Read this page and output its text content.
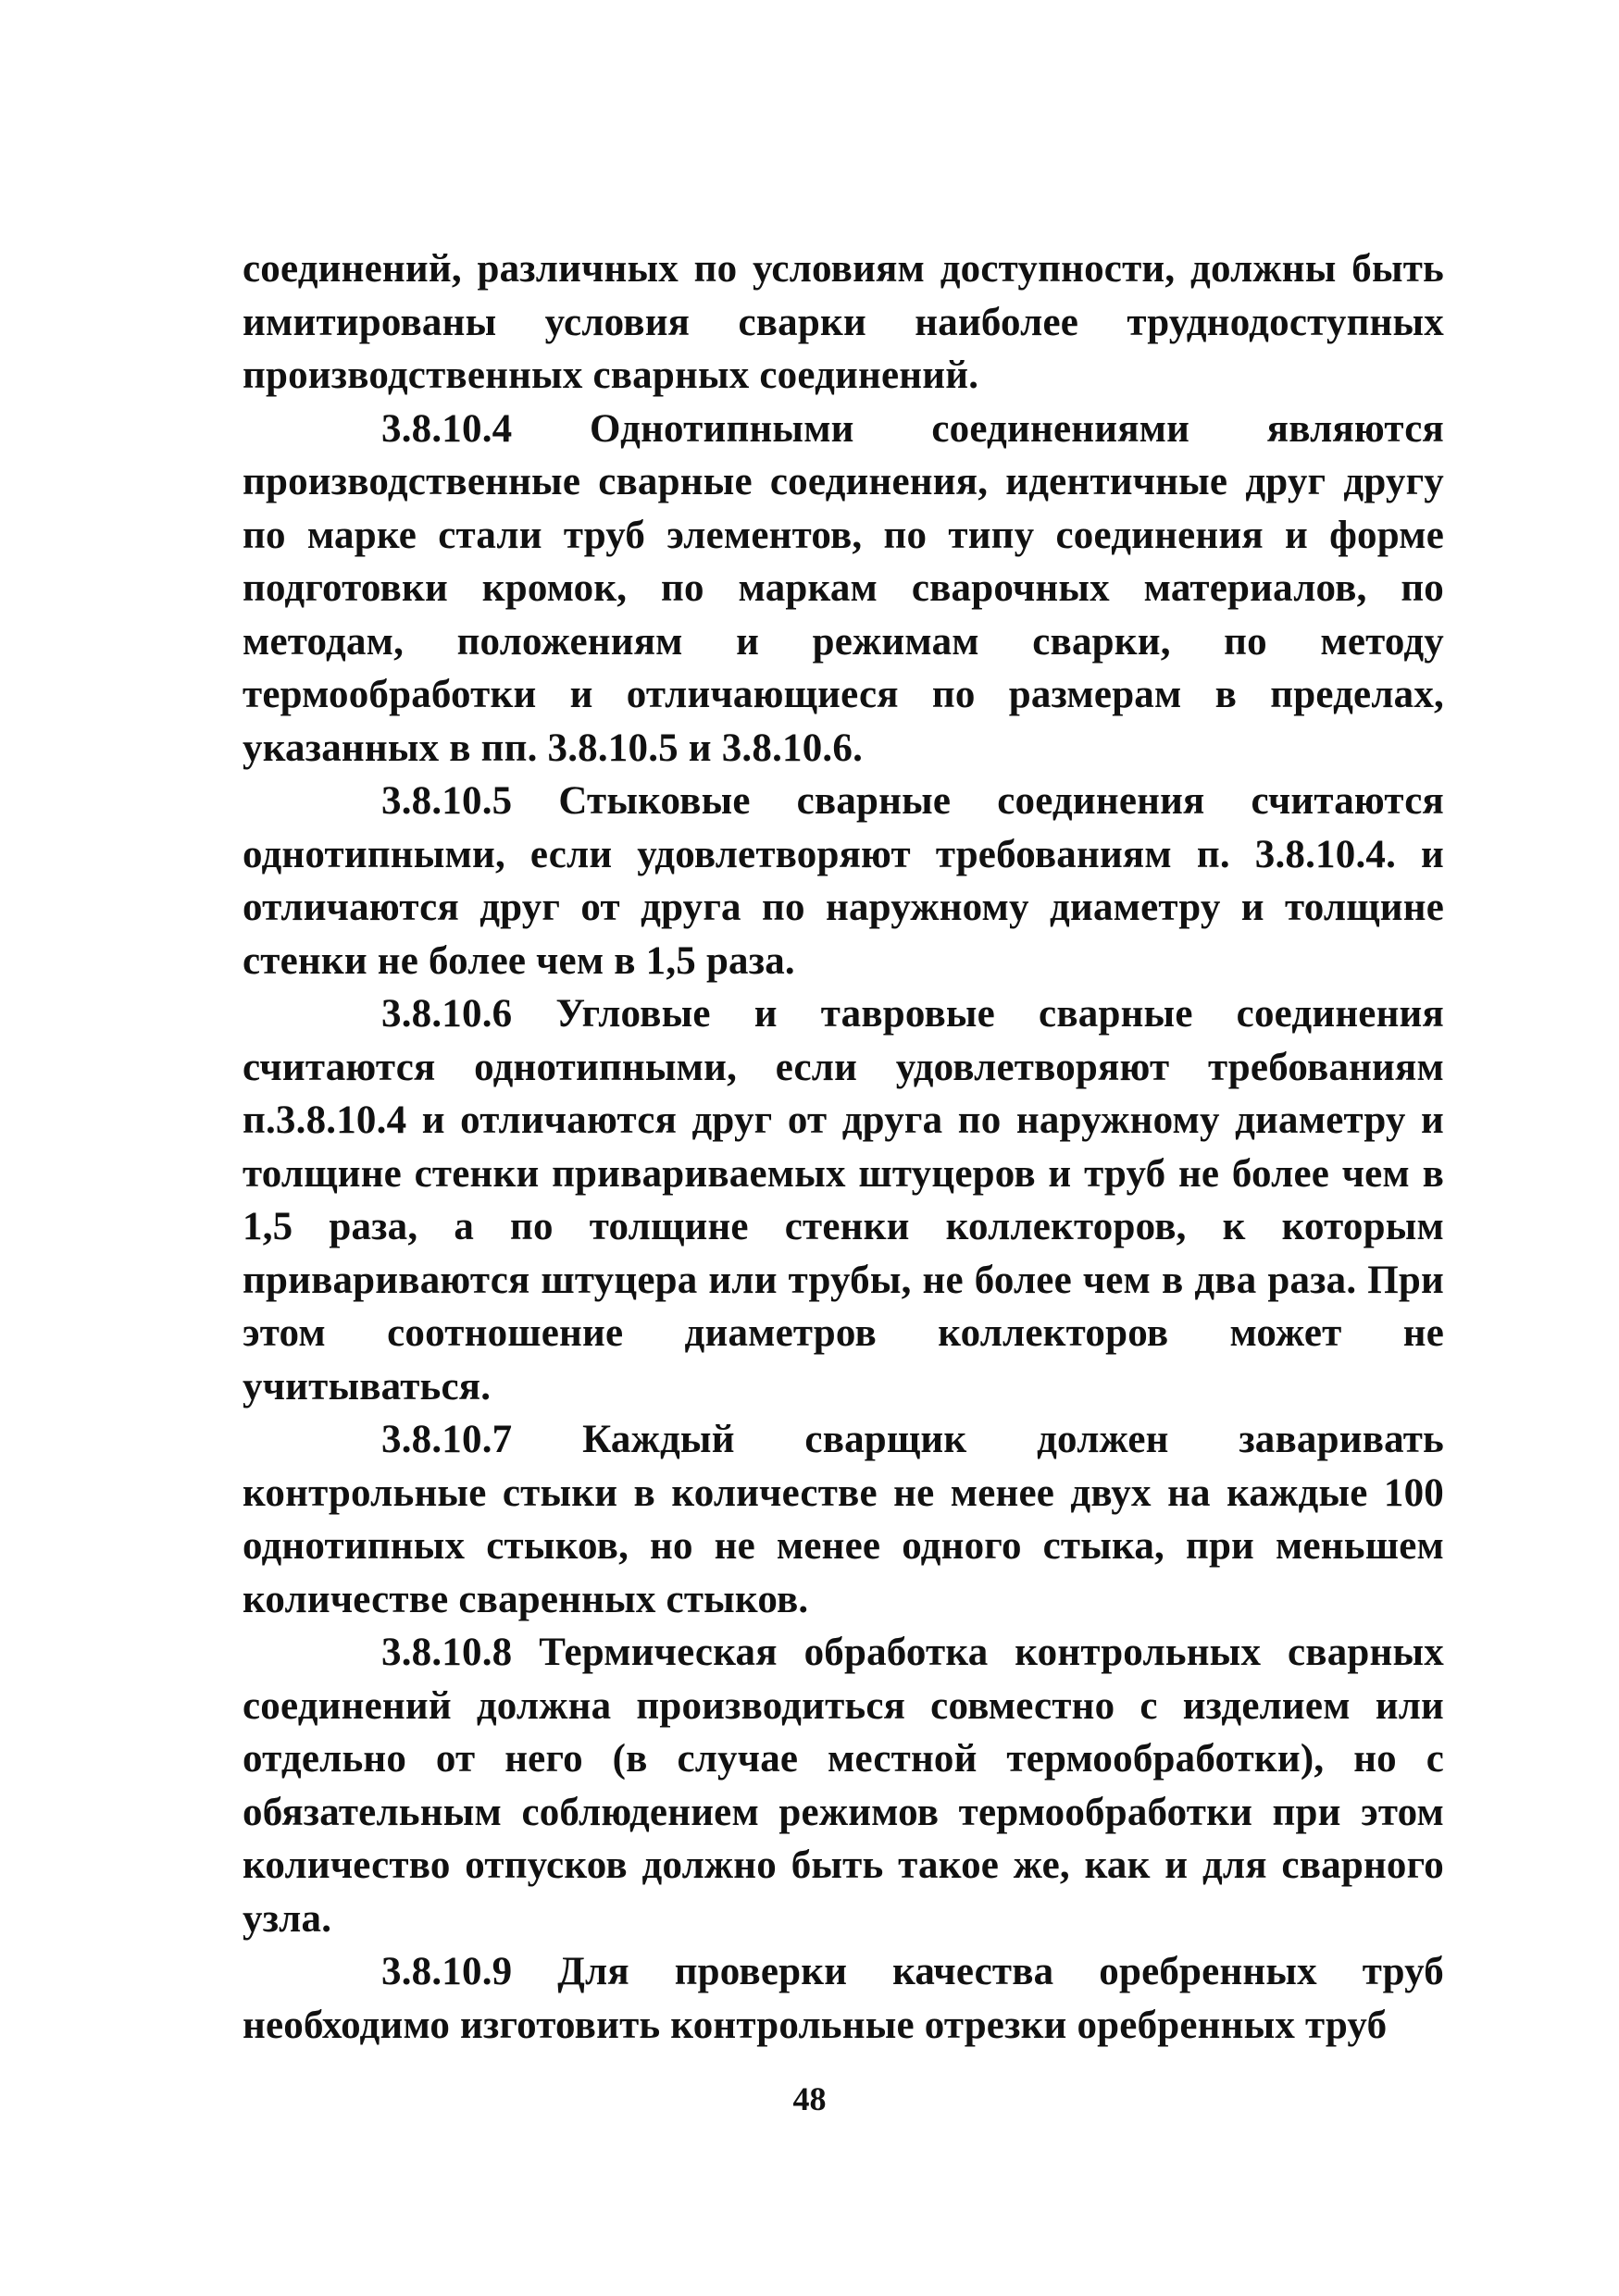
соединений, различных по условиям доступности, должны быть имитированы условия сварки наиболее труднодоступных производственных сварных соединений.

3.8.10.4 Однотипными соединениями являются производственные сварные соединения, идентичные друг другу по марке стали труб элементов, по типу соединения и форме подготовки кромок, по маркам сварочных материалов, по методам, положениям и режимам сварки, по методу термообработки и отличающиеся по размерам в пределах, указанных в пп. 3.8.10.5 и 3.8.10.6.

3.8.10.5 Стыковые сварные соединения считаются однотипными, если удовлетворяют требованиям п. 3.8.10.4. и отличаются друг от друга по наружному диаметру и толщине стенки не более чем в 1,5 раза.

3.8.10.6 Угловые и тавровые сварные соединения считаются однотипными, если удовлетворяют требованиям п.3.8.10.4 и отличаются друг от друга по наружному диаметру и толщине стенки привариваемых штуцеров и труб не более чем в 1,5 раза, а по толщине стенки коллекторов, к которым привариваются штуцера или трубы, не более чем в два раза. При этом соотношение диаметров коллекторов может не учитываться.

3.8.10.7 Каждый сварщик должен заваривать контрольные стыки в количестве не менее двух на каждые 100 однотипных стыков, но не менее одного стыка, при меньшем количестве сваренных стыков.

3.8.10.8 Термическая обработка контрольных сварных соединений должна производиться совместно с изделием или отдельно от него (в случае местной термообработки), но с обязательным соблюдением режимов термообработки при этом количество отпусков должно быть такое же, как и для сварного узла.

3.8.10.9 Для проверки качества оребренных труб необходимо изготовить контрольные отрезки оребренных труб

48
